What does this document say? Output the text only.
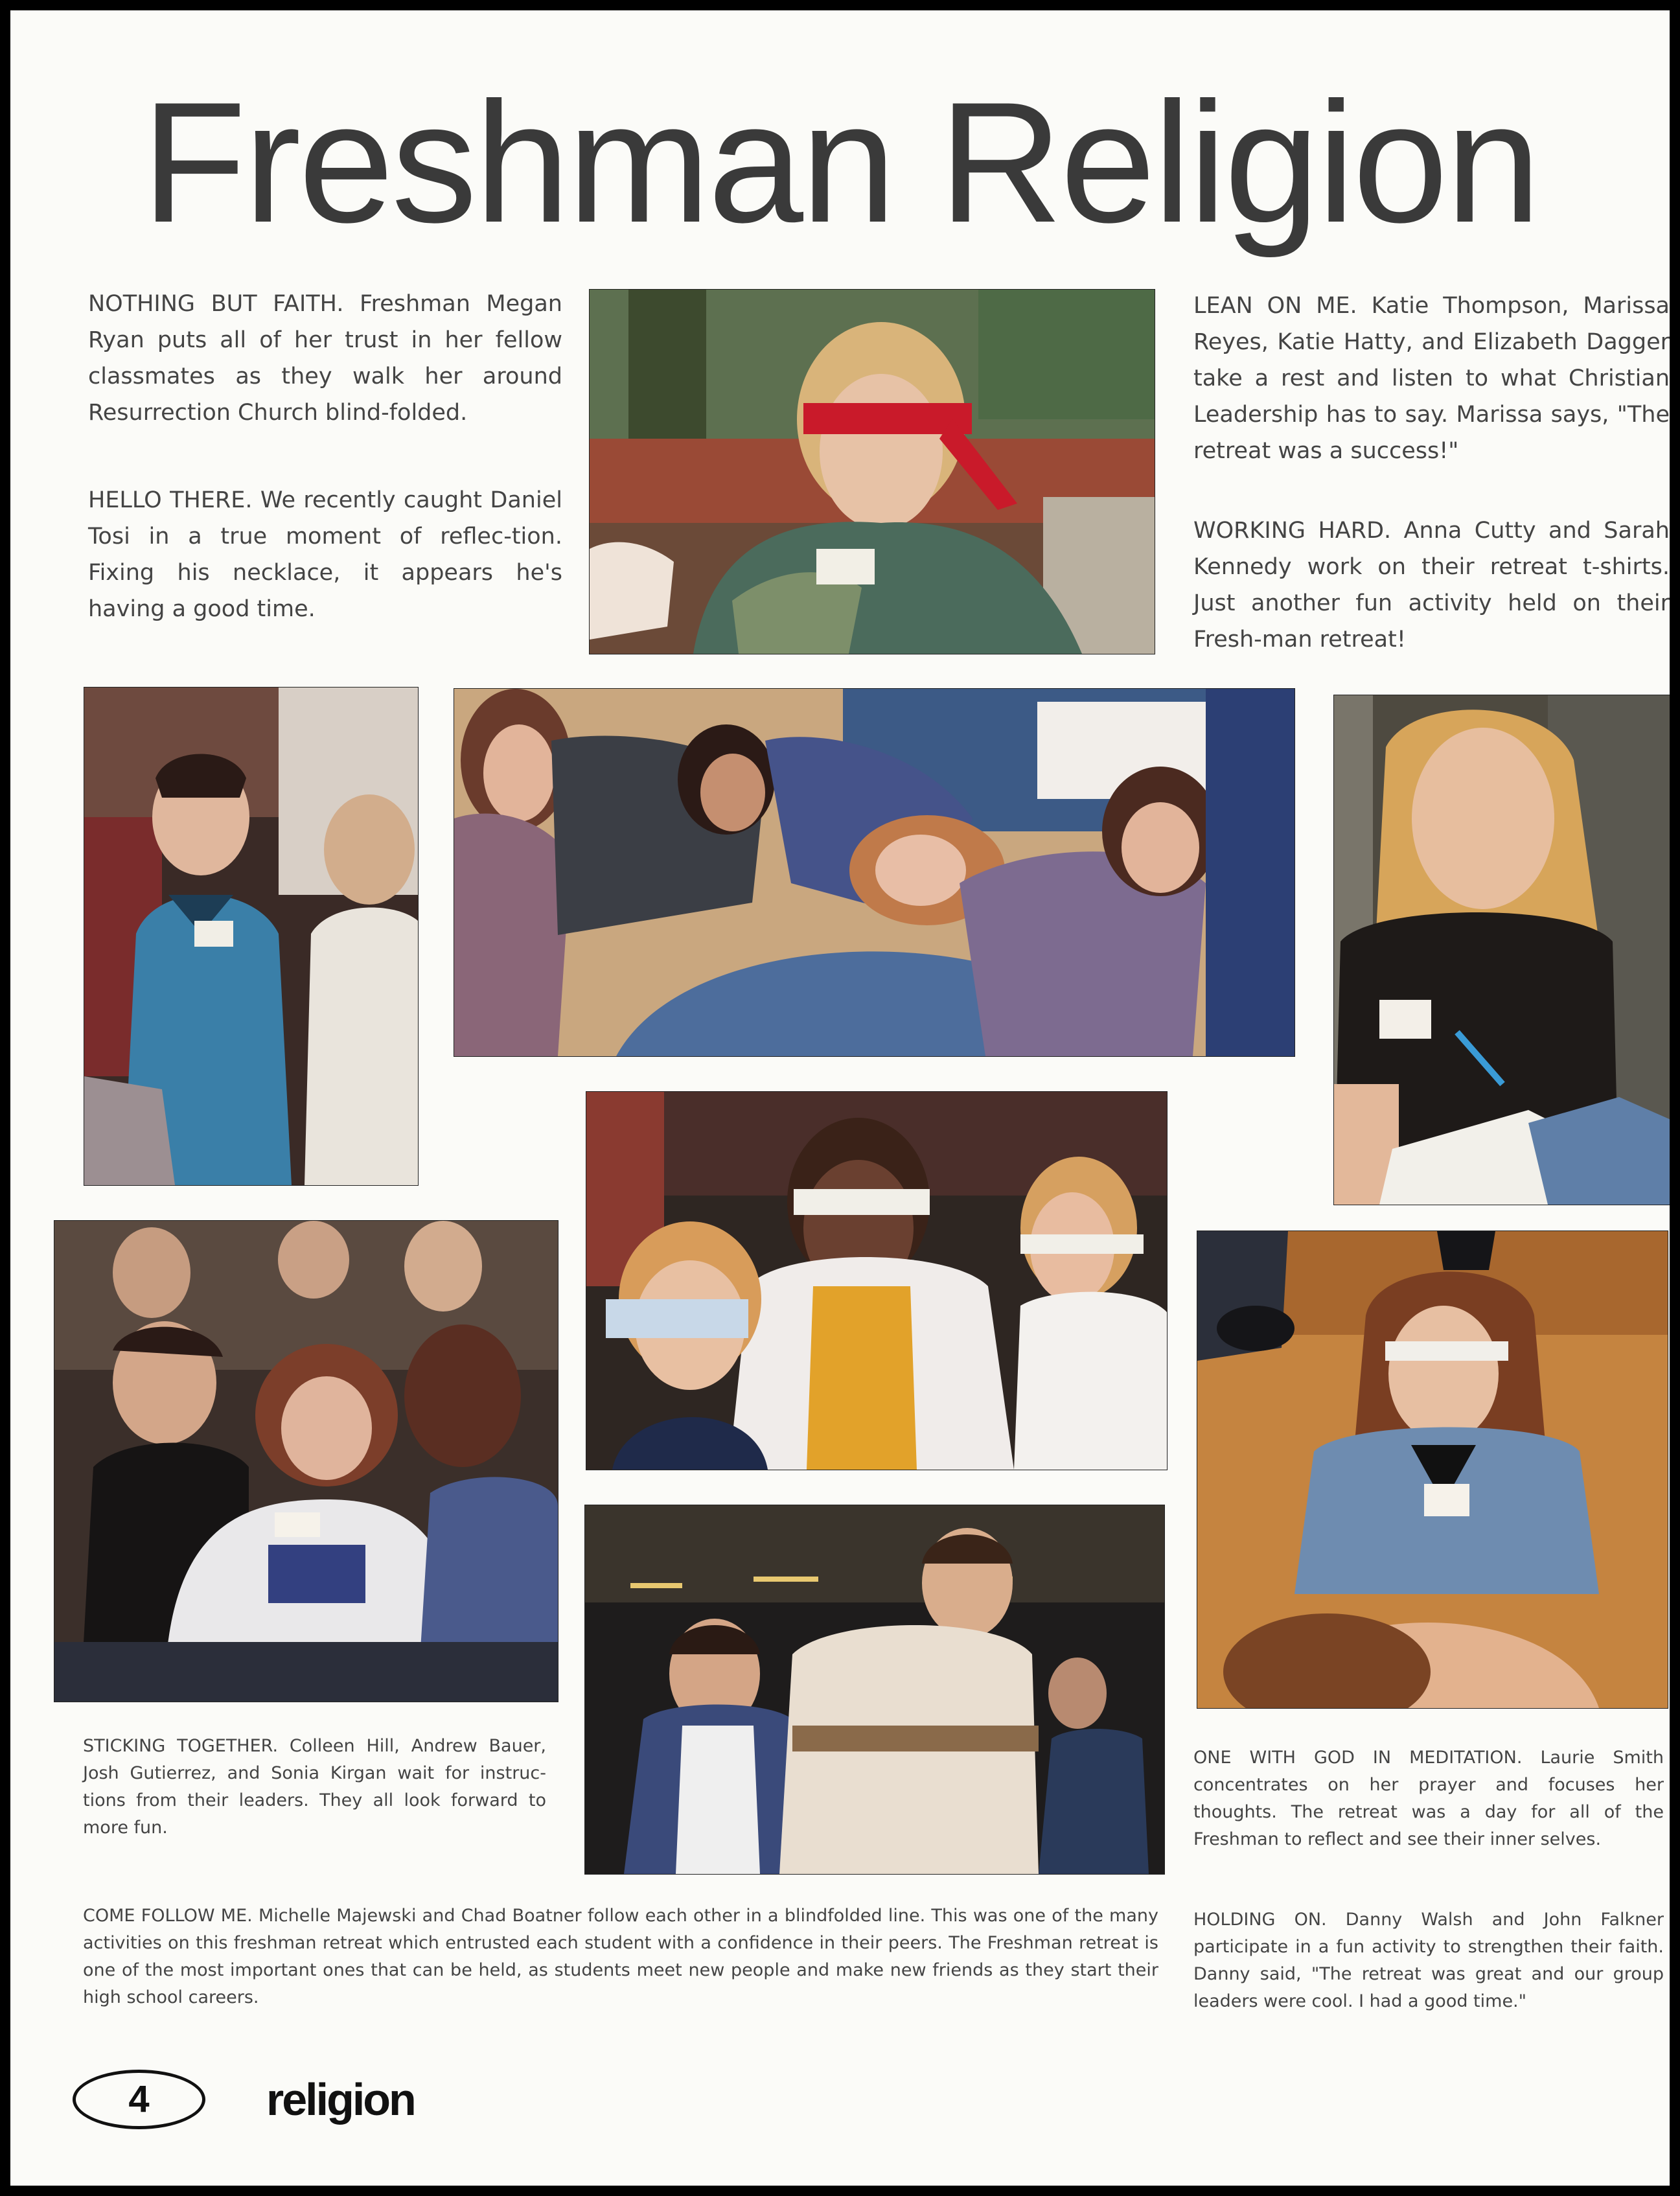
Freshman Religion

NOTHING BUT FAITH. Freshman Megan Ryan puts all of her trust in her fellow classmates as they walk her around Resurrection Church blind-folded.

HELLO THERE. We recently caught Daniel Tosi in a true moment of reflec-tion. Fixing his necklace, it appears he's having a good time.

LEAN ON ME. Katie Thompson, Marissa Reyes, Katie Hatty, and Elizabeth Dagger take a rest and listen to what Christian Leadership has to say. Marissa says, "The retreat was a success!"

WORKING HARD. Anna Cutty and Sarah Kennedy work on their retreat t-shirts. Just another fun activity held on their Fresh-man retreat!

STICKING TOGETHER. Colleen Hill, Andrew Bauer, Josh Gutierrez, and Sonia Kirgan wait for instruc-tions from their leaders. They all look forward to more fun.

ONE WITH GOD IN MEDITATION. Laurie Smith concentrates on her prayer and focuses her thoughts. The retreat was a day for all of the Freshman to reflect and see their inner selves.

COME FOLLOW ME. Michelle Majewski and Chad Boatner follow each other in a blindfolded line. This was one of the many activities on this freshman retreat which entrusted each student with a confidence in their peers. The Freshman retreat is one of the most important ones that can be held, as students meet new people and make new friends as they start their high school careers.

HOLDING ON. Danny Walsh and John Falkner participate in a fun activity to strengthen their faith. Danny said, "The retreat was great and our group leaders were cool. I had a good time."

4	religion
